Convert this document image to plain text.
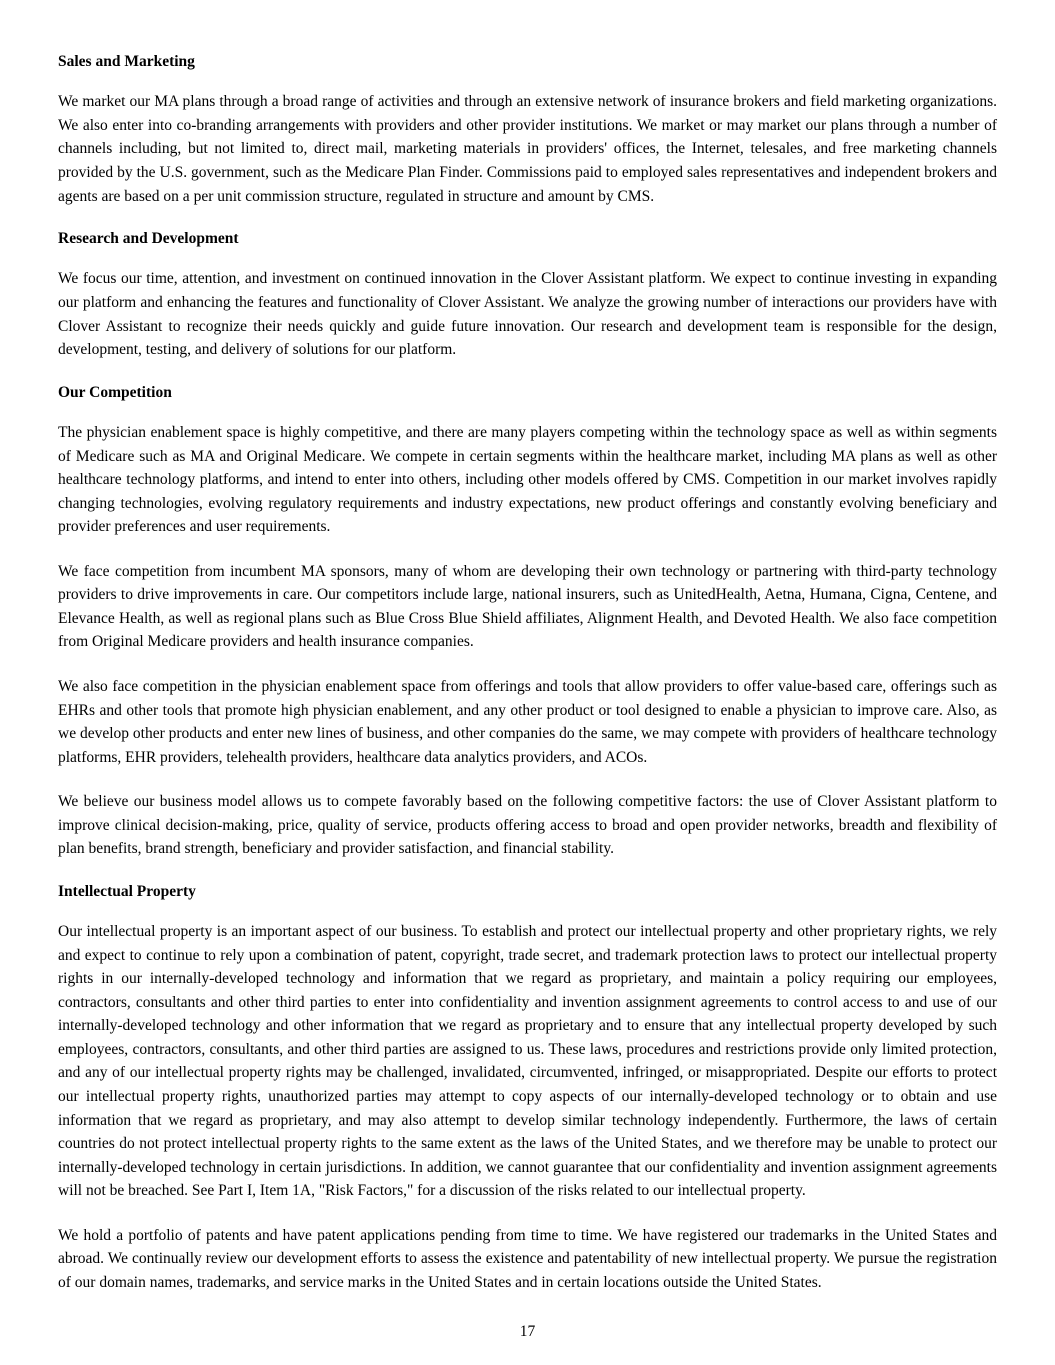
Sales and Marketing

We market our MA plans through a broad range of activities and through an extensive network of insurance brokers and field marketing organizations. We also enter into co-branding arrangements with providers and other provider institutions. We market or may market our plans through a number of channels including, but not limited to, direct mail, marketing materials in providers' offices, the Internet, telesales, and free marketing channels provided by the U.S. government, such as the Medicare Plan Finder. Commissions paid to employed sales representatives and independent brokers and agents are based on a per unit commission structure, regulated in structure and amount by CMS.

Research and Development

We focus our time, attention, and investment on continued innovation in the Clover Assistant platform. We expect to continue investing in expanding our platform and enhancing the features and functionality of Clover Assistant. We analyze the growing number of interactions our providers have with Clover Assistant to recognize their needs quickly and guide future innovation. Our research and development team is responsible for the design, development, testing, and delivery of solutions for our platform.

Our Competition

The physician enablement space is highly competitive, and there are many players competing within the technology space as well as within segments of Medicare such as MA and Original Medicare. We compete in certain segments within the healthcare market, including MA plans as well as other healthcare technology platforms, and intend to enter into others, including other models offered by CMS. Competition in our market involves rapidly changing technologies, evolving regulatory requirements and industry expectations, new product offerings and constantly evolving beneficiary and provider preferences and user requirements.

We face competition from incumbent MA sponsors, many of whom are developing their own technology or partnering with third-party technology providers to drive improvements in care. Our competitors include large, national insurers, such as UnitedHealth, Aetna, Humana, Cigna, Centene, and Elevance Health, as well as regional plans such as Blue Cross Blue Shield affiliates, Alignment Health, and Devoted Health. We also face competition from Original Medicare providers and health insurance companies.

We also face competition in the physician enablement space from offerings and tools that allow providers to offer value-based care, offerings such as EHRs and other tools that promote high physician enablement, and any other product or tool designed to enable a physician to improve care. Also, as we develop other products and enter new lines of business, and other companies do the same, we may compete with providers of healthcare technology platforms, EHR providers, telehealth providers, healthcare data analytics providers, and ACOs.

We believe our business model allows us to compete favorably based on the following competitive factors: the use of Clover Assistant platform to improve clinical decision-making, price, quality of service, products offering access to broad and open provider networks, breadth and flexibility of plan benefits, brand strength, beneficiary and provider satisfaction, and financial stability.

Intellectual Property

Our intellectual property is an important aspect of our business. To establish and protect our intellectual property and other proprietary rights, we rely and expect to continue to rely upon a combination of patent, copyright, trade secret, and trademark protection laws to protect our intellectual property rights in our internally-developed technology and information that we regard as proprietary, and maintain a policy requiring our employees, contractors, consultants and other third parties to enter into confidentiality and invention assignment agreements to control access to and use of our internally-developed technology and other information that we regard as proprietary and to ensure that any intellectual property developed by such employees, contractors, consultants, and other third parties are assigned to us. These laws, procedures and restrictions provide only limited protection, and any of our intellectual property rights may be challenged, invalidated, circumvented, infringed, or misappropriated. Despite our efforts to protect our intellectual property rights, unauthorized parties may attempt to copy aspects of our internally-developed technology or to obtain and use information that we regard as proprietary, and may also attempt to develop similar technology independently. Furthermore, the laws of certain countries do not protect intellectual property rights to the same extent as the laws of the United States, and we therefore may be unable to protect our internally-developed technology in certain jurisdictions. In addition, we cannot guarantee that our confidentiality and invention assignment agreements will not be breached. See Part I, Item 1A, "Risk Factors," for a discussion of the risks related to our intellectual property.

We hold a portfolio of patents and have patent applications pending from time to time. We have registered our trademarks in the United States and abroad. We continually review our development efforts to assess the existence and patentability of new intellectual property. We pursue the registration of our domain names, trademarks, and service marks in the United States and in certain locations outside the United States.

17
